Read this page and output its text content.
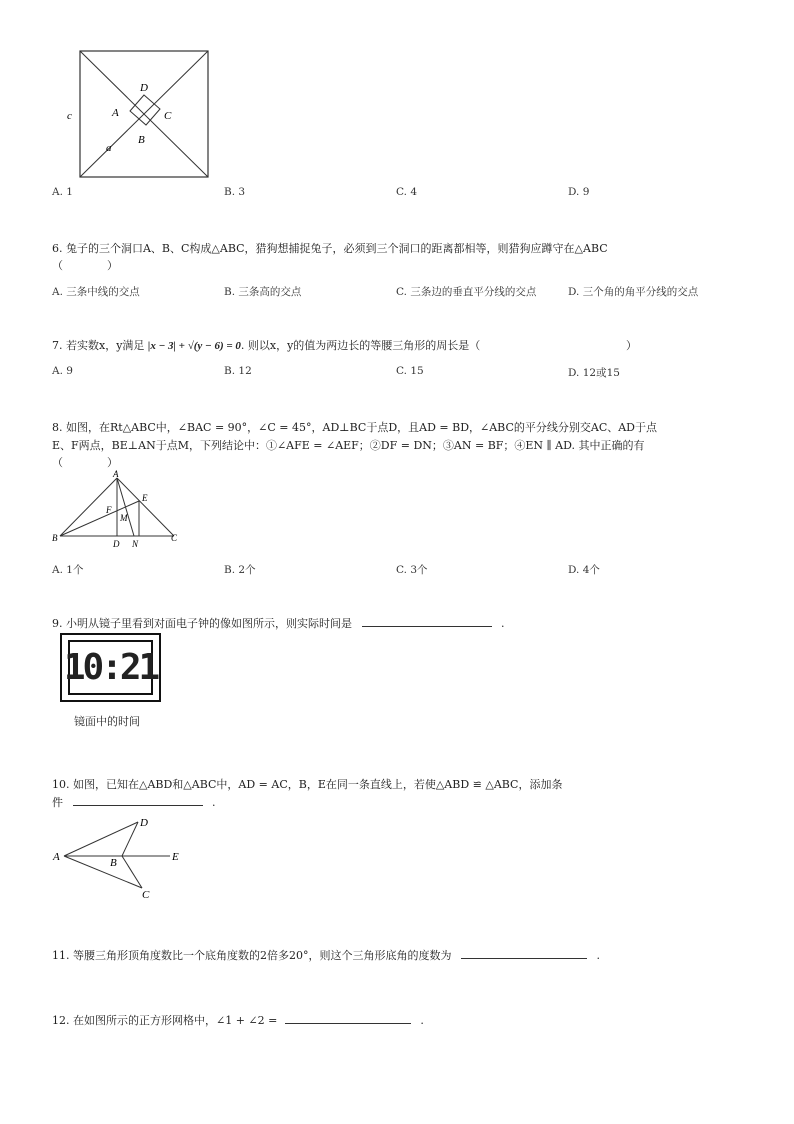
D
A	C
B
c
a
A. 1	B. 3	C. 4	D. 9
6. 兔子的三个洞口A、B、C构成△ABC，猎狗想捕捉兔子，必须到三个洞口的距离都相等，则猎狗应蹲守在△ABC
（　　　　）
A. 三条中线的交点	B. 三条高的交点	C. 三条边的垂直平分线的交点	D. 三个角的角平分线的交点
7. 若实数x，y满足 |x − 3| + √(y − 6) = 0. 则以x，y的值为两边长的等腰三角形的周长是（	）
A. 9	B. 12	C. 15	D. 12或15
8. 如图，在Rt△ABC中，∠BAC = 90°，∠C = 45°，AD⊥BC于点D，且AD = BD，∠ABC的平分线分别交AC、AD于点
E、F两点，BE⊥AN于点M，下列结论中：①∠AFE = ∠AEF；②DF = DN；③AN = BF；④EN ∥ AD. 其中正确的有
（　　　　）
A
E
F
M
B
D N
C
A. 1个	B. 2个	C. 3个	D. 4个
9. 小明从镜子里看到对面电子钟的像如图所示，则实际时间是	.
10:21
镜面中的时间
10. 如图，已知在△ABD和△ABC中，AD = AC，B，E在同一条直线上，若使△ABD ≌ △ABC，添加条
件	.
D
A	B	E
C
11. 等腰三角形顶角度数比一个底角度数的2倍多20°，则这个三角形底角的度数为	.
12. 在如图所示的正方形网格中，∠1 + ∠2 =	.
